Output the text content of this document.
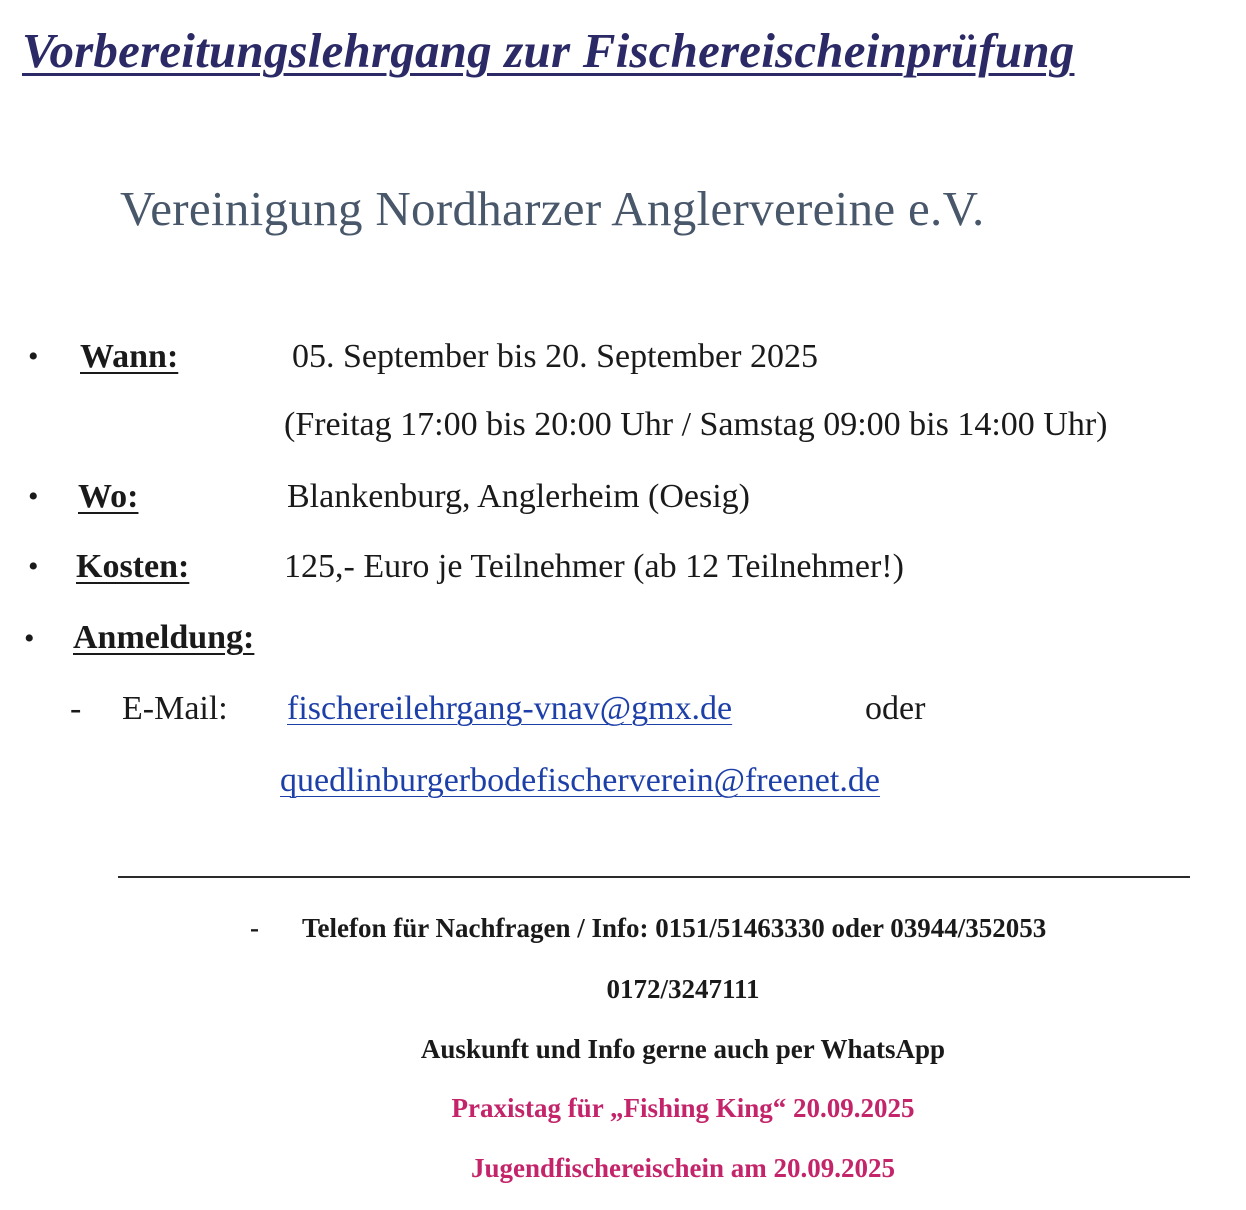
Vorbereitungslehrgang zur Fischereischeinprüfung
Vereinigung Nordharzer Anglervereine e.V.
• Wann:	05. September bis 20. September 2025
(Freitag 17:00 bis 20:00 Uhr / Samstag 09:00 bis 14:00 Uhr)
• Wo:	Blankenburg, Anglerheim (Oesig)
• Kosten:	125,- Euro je Teilnehmer (ab 12 Teilnehmer!)
• Anmeldung:
- E-Mail: fischereilehrgang-vnav@gmx.de	oder
quedlinburgerbodefischerverein@freenet.de
- Telefon für Nachfragen / Info: 0151/51463330 oder 03944/352053
0172/3247111
Auskunft und Info gerne auch per WhatsApp
Praxistag für „Fishing King“ 20.09.2025
Jugendfischereischein am 20.09.2025
